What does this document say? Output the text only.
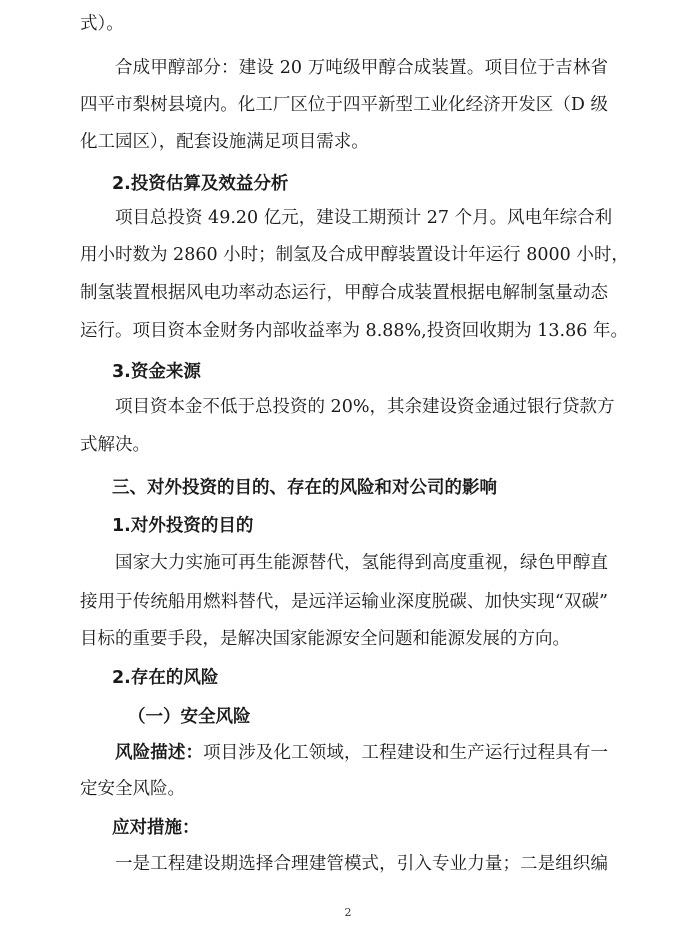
式）。
合成甲醇部分：建设 20 万吨级甲醇合成装置。项目位于吉林省
四平市梨树县境内。化工厂区位于四平新型工业化经济开发区（D 级
化工园区），配套设施满足项目需求。
2.投资估算及效益分析
项目总投资 49.20 亿元，建设工期预计 27 个月。风电年综合利
用小时数为 2860 小时；制氢及合成甲醇装置设计年运行 8000 小时，
制氢装置根据风电功率动态运行，甲醇合成装置根据电解制氢量动态
运行。项目资本金财务内部收益率为 8.88%,投资回收期为 13.86 年。
3.资金来源
项目资本金不低于总投资的 20%，其余建设资金通过银行贷款方
式解决。
三、对外投资的目的、存在的风险和对公司的影响
1.对外投资的目的
国家大力实施可再生能源替代，氢能得到高度重视，绿色甲醇直
接用于传统船用燃料替代，是远洋运输业深度脱碳、加快实现“双碳”
目标的重要手段，是解决国家能源安全问题和能源发展的方向。
2.存在的风险
（一）安全风险
风险描述：项目涉及化工领域，工程建设和生产运行过程具有一
定安全风险。
应对措施：
一是工程建设期选择合理建管模式，引入专业力量；二是组织编
2
